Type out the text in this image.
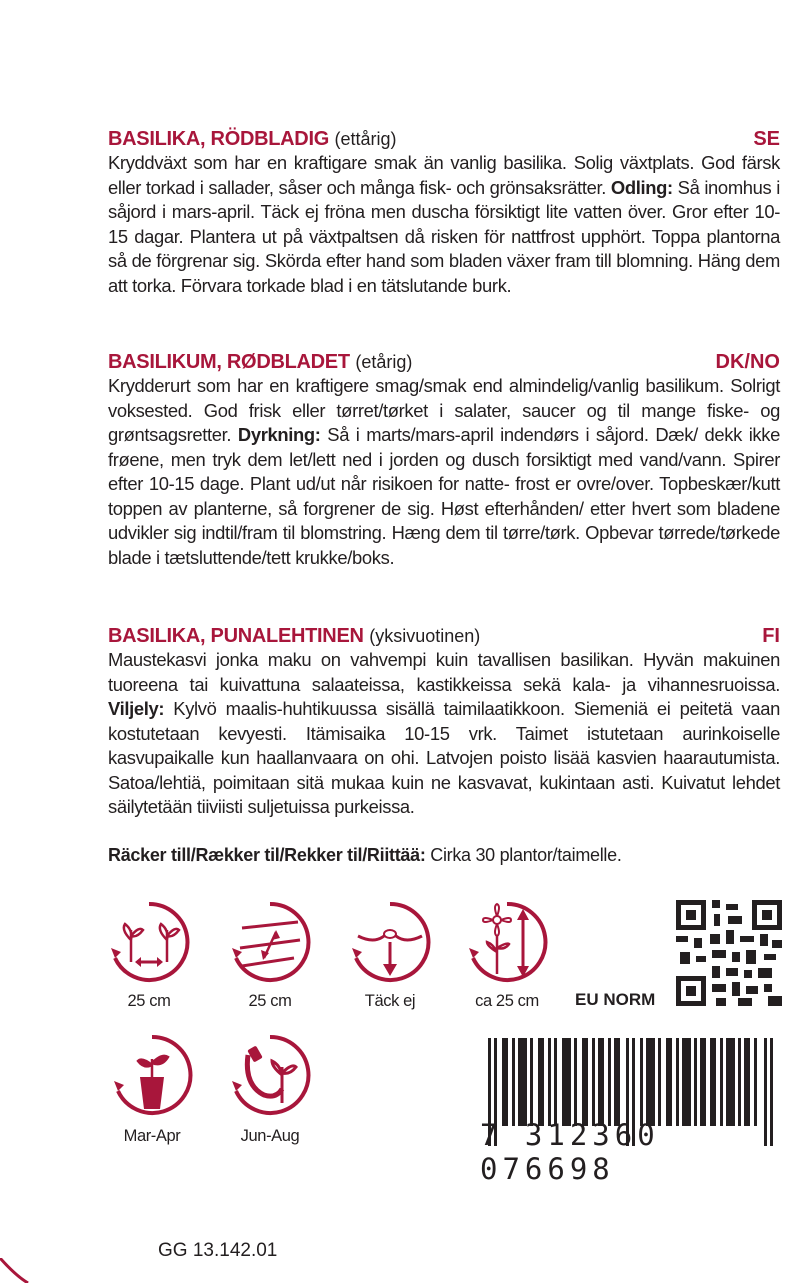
BASILIKA, RÖDBLADIG (ettårig)	SE
Kryddväxt som har en kraftigare smak än vanlig basilika. Solig växtplats. God färsk eller torkad i sallader, såser och många fisk- och grönsaksrätter. Odling: Så inomhus i såjord i mars-april. Täck ej fröna men duscha försiktigt lite vatten över. Gror efter 10-15 dagar. Plantera ut på växtpaltsen då risken för nattfrost upphört. Toppa plantorna så de förgrenar sig. Skörda efter hand som bladen växer fram till blomning. Häng dem att torka. Förvara torkade blad i en tätslutande burk.
BASILIKUM, RØDBLADET (etårig)	DK/NO
Krydderurt som har en kraftigere smag/smak end almindelig/vanlig basilikum. Solrigt voksested. God frisk eller tørret/tørket i salater, saucer og til mange fiske- og grøntsagsretter. Dyrkning: Så i marts/mars-april indendørs i såjord. Dæk/ dekk ikke frøene, men tryk dem let/lett ned i jorden og dusch forsiktigt med vand/vann. Spirer efter 10-15 dage. Plant ud/ut når risikoen for natte- frost er ovre/over. Topbeskær/kutt toppen av planterne, så forgrener de sig. Høst efterhånden/ etter hvert som bladene udvikler sig indtil/fram til blomstring. Hæng dem til tørre/tørk. Opbevar tørrede/tørkede blade i tætsluttende/tett krukke/boks.
BASILIKA, PUNALEHTINEN (yksivuotinen)	FI
Maustekasvi jonka maku on vahvempi kuin tavallisen basilikan. Hyvän makuinen tuoreena tai kuivattuna salaateissa, kastikkeissa sekä kala- ja vihannesruoissa. Viljely: Kylvö maalis-huhtikuussa sisällä taimilaatikkoon. Siemeniä ei peitetä vaan kostutetaan kevyesti. Itämisaika 10-15 vrk. Taimet istutetaan aurinkoiselle kasvupaikalle kun haallanvaara on ohi. Latvojen poisto lisää kasvien haarautumista. Satoa/lehtiä, poimitaan sitä mukaa kuin ne kasvavat, kukintaan asti. Kuivatut lehdet säilytetään tiiviisti suljetuissa purkeissa.
Räcker till/Rækker til/Rekker til/Riittää: Cirka 30 plantor/taimelle.
25 cm	25 cm	Täck ej	ca 25 cm	EU NORM
Mar-Apr	Jun-Aug	7 312360 076698
GG 13.142.01
